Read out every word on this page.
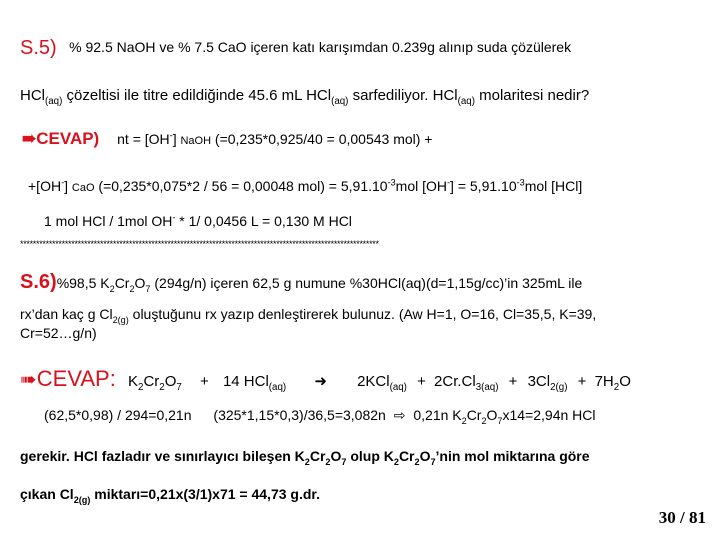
S.5) % 92.5 NaOH ve % 7.5 CaO içeren katı karışımdan 0.239g alınıp suda çözülerek
HCl$_{(aq)}$ çözeltisi ile titre edildiğinde 45.6 mL HCl$_{(aq)}$ sarfediliyor. HCl$_{(aq)}$ molaritesi nedir?
➠CEVAP) nt = [OH-] NaOH (=0,235*0,925/40 = 0,00543 mol) +
+[OH-] CaO (=0,235*0,075*2 / 56 = 0,00048 $mol) = 5,91.10^{-3}mol$ $[OH^-] = 5,91.10^{-3}mol$ [HCl]
1 mol HCl / 1mol OH- * 1/ 0,0456 L = 0,130 M HCl
****************************************************************************************************************
S.6)%98,5 $K_2Cr_2O_7$ (294g/n) içeren 62,5 g numune %30HCl(aq)(d=1,15g/cc)’in 325mL ile
rx’dan kaç g $Cl_{2(g)}$ oluştuğunu rx yazıp denleştirerek bulunuz. (Aw H=1, O=16, Cl=35,5, K=39,
Cr=52…g/n)
➠CEVAP: $K_2Cr_2O_7 + 14$ HCl$_{(aq)}$ ➜ $2KCl_{(aq)} + 2Cr.Cl_{3(aq)} + 3Cl_{2(g)} + 7H_2O$
(62,5*0,98) / 294=0,21n (325*1,15*0,3)/36,5=3,082n ⇨ 0,21n $K_2Cr_2O_7x14=2,94n$ HCl
gerekir. HCl fazladır ve sınırlayıcı bileşen $K_2Cr_2O_7$ olup $K_2Cr_2O_7’nin$ mol miktarına göre
çıkan $Cl_{2(g)}$ miktarı=0,21x(3/1)x71 = 44,73 g.dr.
30 / 81
